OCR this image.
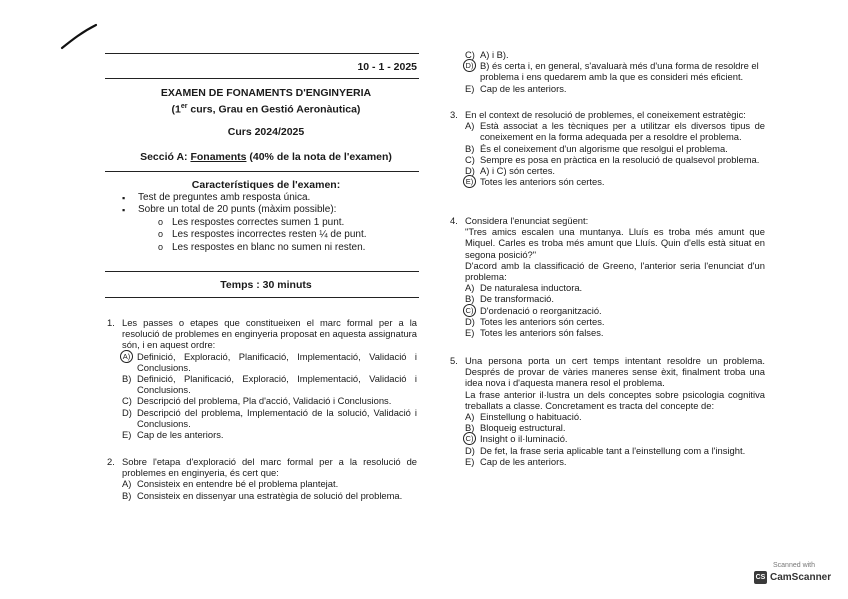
10 - 1 - 2025
EXAMEN DE FONAMENTS D'ENGINYERIA
(1er curs, Grau en Gestió Aeronàutica)
Curs 2024/2025
Secció A: Fonaments (40% de la nota de l'examen)
Característiques de l'examen:
▪ Test de preguntes amb resposta única.
▪ Sobre un total de 20 punts (màxim possible):
o Les respostes correctes sumen 1 punt.
o Les respostes incorrectes resten ¼ de punt.
o Les respostes en blanc no sumen ni resten.
Temps : 30 minuts
1. Les passes o etapes que constitueixen el marc formal per a la resolució de problemes en enginyeria proposat en aquesta assignatura són, i en aquest ordre:
A) Definició, Exploració, Planificació, Implementació, Validació i Conclusions.
B) Definició, Planificació, Exploració, Implementació, Validació i Conclusions.
C) Descripció del problema, Pla d'acció, Validació i Conclusions.
D) Descripció del problema, Implementació de la solució, Validació i Conclusions.
E) Cap de les anteriors.
2. Sobre l'etapa d'exploració del marc formal per a la resolució de problemes en enginyeria, és cert que:
A) Consisteix en entendre bé el problema plantejat.
B) Consisteix en dissenyar una estratègia de solució del problema.
C) A) i B).
D) B) és certa i, en general, s'avaluarà més d'una forma de resoldre el problema i ens quedarem amb la que es consideri més eficient.
E) Cap de les anteriors.
3. En el context de resolució de problemes, el coneixement estratègic:
A) Està associat a les tècniques per a utilitzar els diversos tipus de coneixement en la forma adequada per a resoldre el problema.
B) És el coneixement d'un algorisme que resolgui el problema.
C) Sempre es posa en pràctica en la resolució de qualsevol problema.
D) A) i C) són certes.
E) Totes les anteriors són certes.
4. Considera l'enunciat següent:
"Tres amics escalen una muntanya. Lluís es troba més amunt que Miquel. Carles es troba més amunt que Lluís. Quin d'ells està situat en segona posició?"
D'acord amb la classificació de Greeno, l'anterior seria l'enunciat d'un problema:
A) De naturalesa inductora.
B) De transformació.
C) D'ordenació o reorganització.
D) Totes les anteriors són certes.
E) Totes les anteriors són falses.
5. Una persona porta un cert temps intentant resoldre un problema. Després de provar de vàries maneres sense èxit, finalment troba una idea nova i d'aquesta manera resol el problema.
La frase anterior il·lustra un dels conceptes sobre psicologia cognitiva treballats a classe. Concretament es tracta del concepte de:
A) Einstellung o habituació.
B) Bloqueig estructural.
C) Insight o il·luminació.
D) De fet, la frase seria aplicable tant a l'einstellung com a l'insight.
E) Cap de les anteriors.
Scanned with
CS CamScanner
